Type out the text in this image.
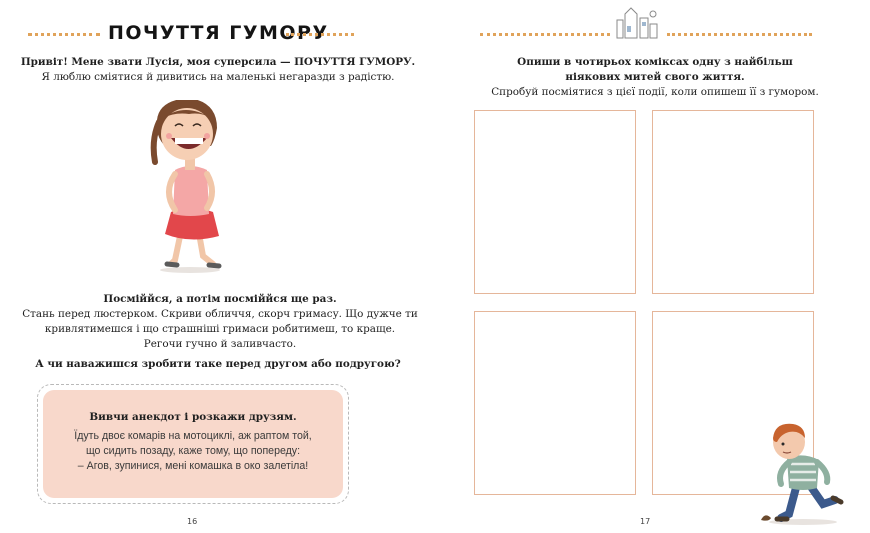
ПОЧУТТЯ ГУМОРУ
Привіт! Мене звати Лусія, моя суперсила — ПОЧУТТЯ ГУМОРУ.
Я люблю сміятися й дивитись на маленькі негаразди з радістю.
Посміййся, а потім посміййся ще раз.
Стань перед люстерком. Скриви обличчя, скорч гримасу. Що дужче ти
кривлятимешся і що страшніші гримаси робитимеш, то краще.
Регочи гучно й заливчасто.
А чи наважишся зробити таке перед другом або подругою?
Вивчи анекдот і розкажи друзям.
Їдуть двоє комарів на мотоциклі, аж раптом той,
що сидить позаду, каже тому, що попереду:
– Агов, зупинися, мені комашка в око залетіла!
16
Опиши в чотирьох коміксах одну з найбільш
ніякових митей свого життя.
Спробуй посміятися з цієї події, коли опишеш її з гумором.
17
